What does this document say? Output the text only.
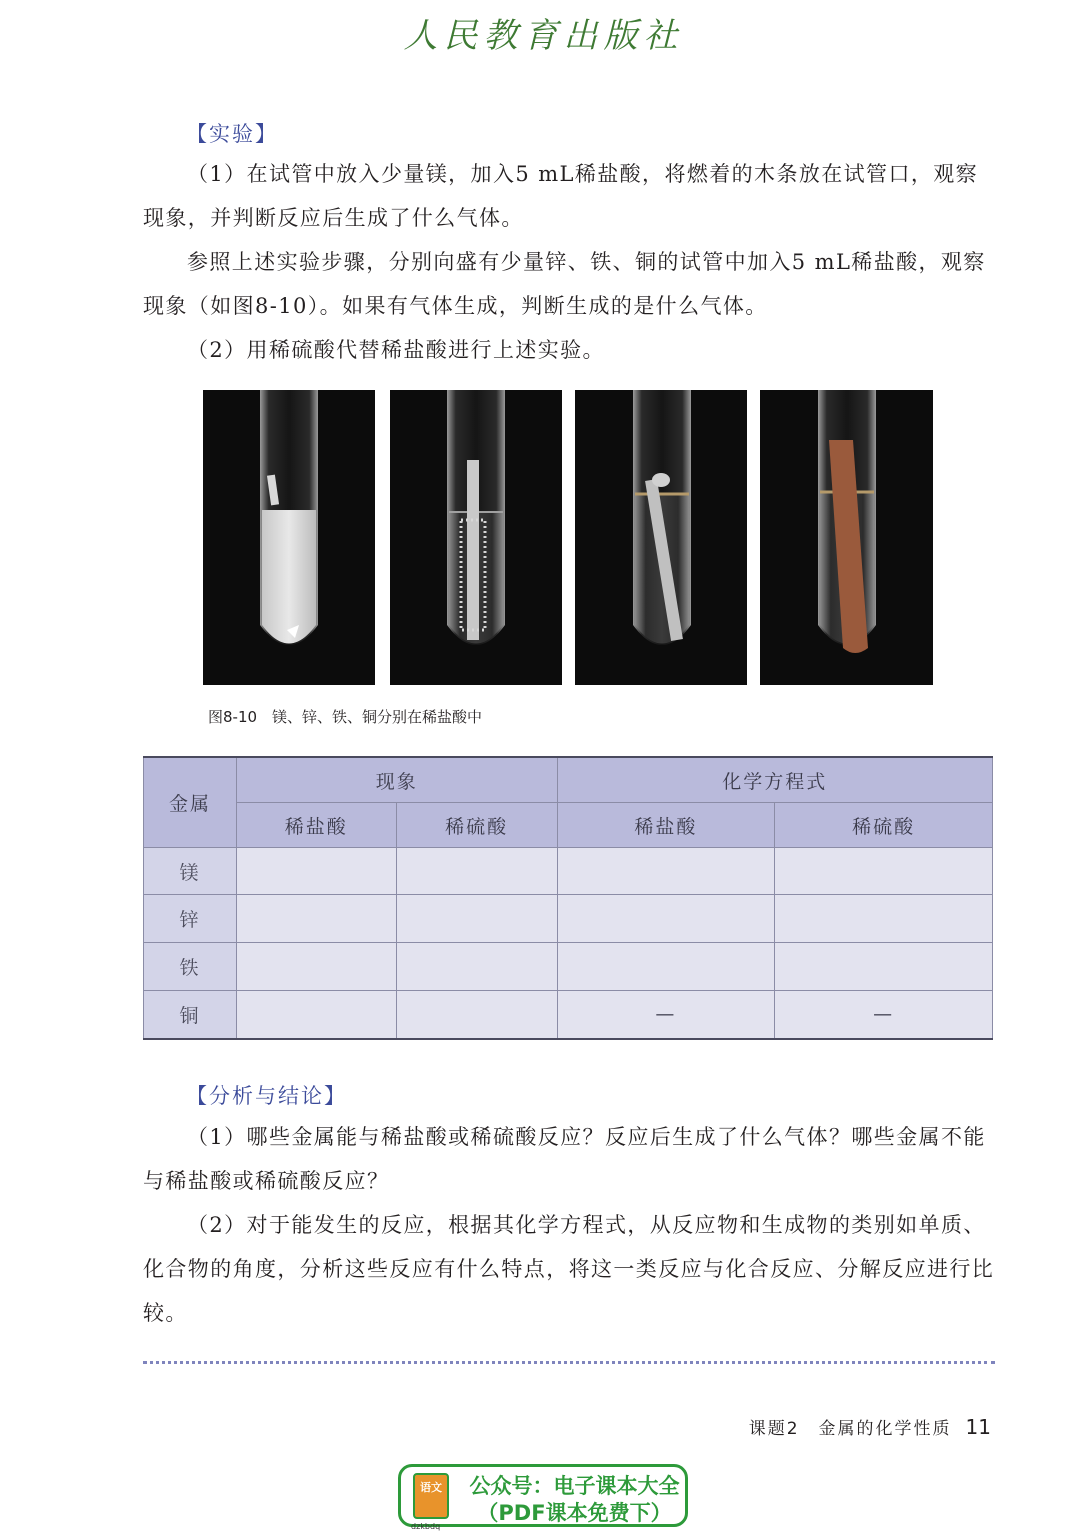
人民教育出版社
【实验】

（1）在试管中放入少量镁，加入5 mL稀盐酸，将燃着的木条放在试管口，观察现象，并判断反应后生成了什么气体。

参照上述实验步骤，分别向盛有少量锌、铁、铜的试管中加入5 mL稀盐酸，观察现象（如图8-10）。如果有气体生成，判断生成的是什么气体。

（2）用稀硫酸代替稀盐酸进行上述实验。

图8-10　镁、锌、铁、铜分别在稀盐酸中
金属	现象		化学方程式	
	稀盐酸	稀硫酸	稀盐酸	稀硫酸
镁				
锌				
铁				
铜			—	—
【分析与结论】

（1）哪些金属能与稀盐酸或稀硫酸反应？反应后生成了什么气体？哪些金属不能与稀盐酸或稀硫酸反应？

（2）对于能发生的反应，根据其化学方程式，从反应物和生成物的类别如单质、化合物的角度，分析这些反应有什么特点，将这一类反应与化合反应、分解反应进行比较。

课题2　金属的化学性质 11
语文
dzkbdq
公众号：电子课本大全
（PDF课本免费下）
